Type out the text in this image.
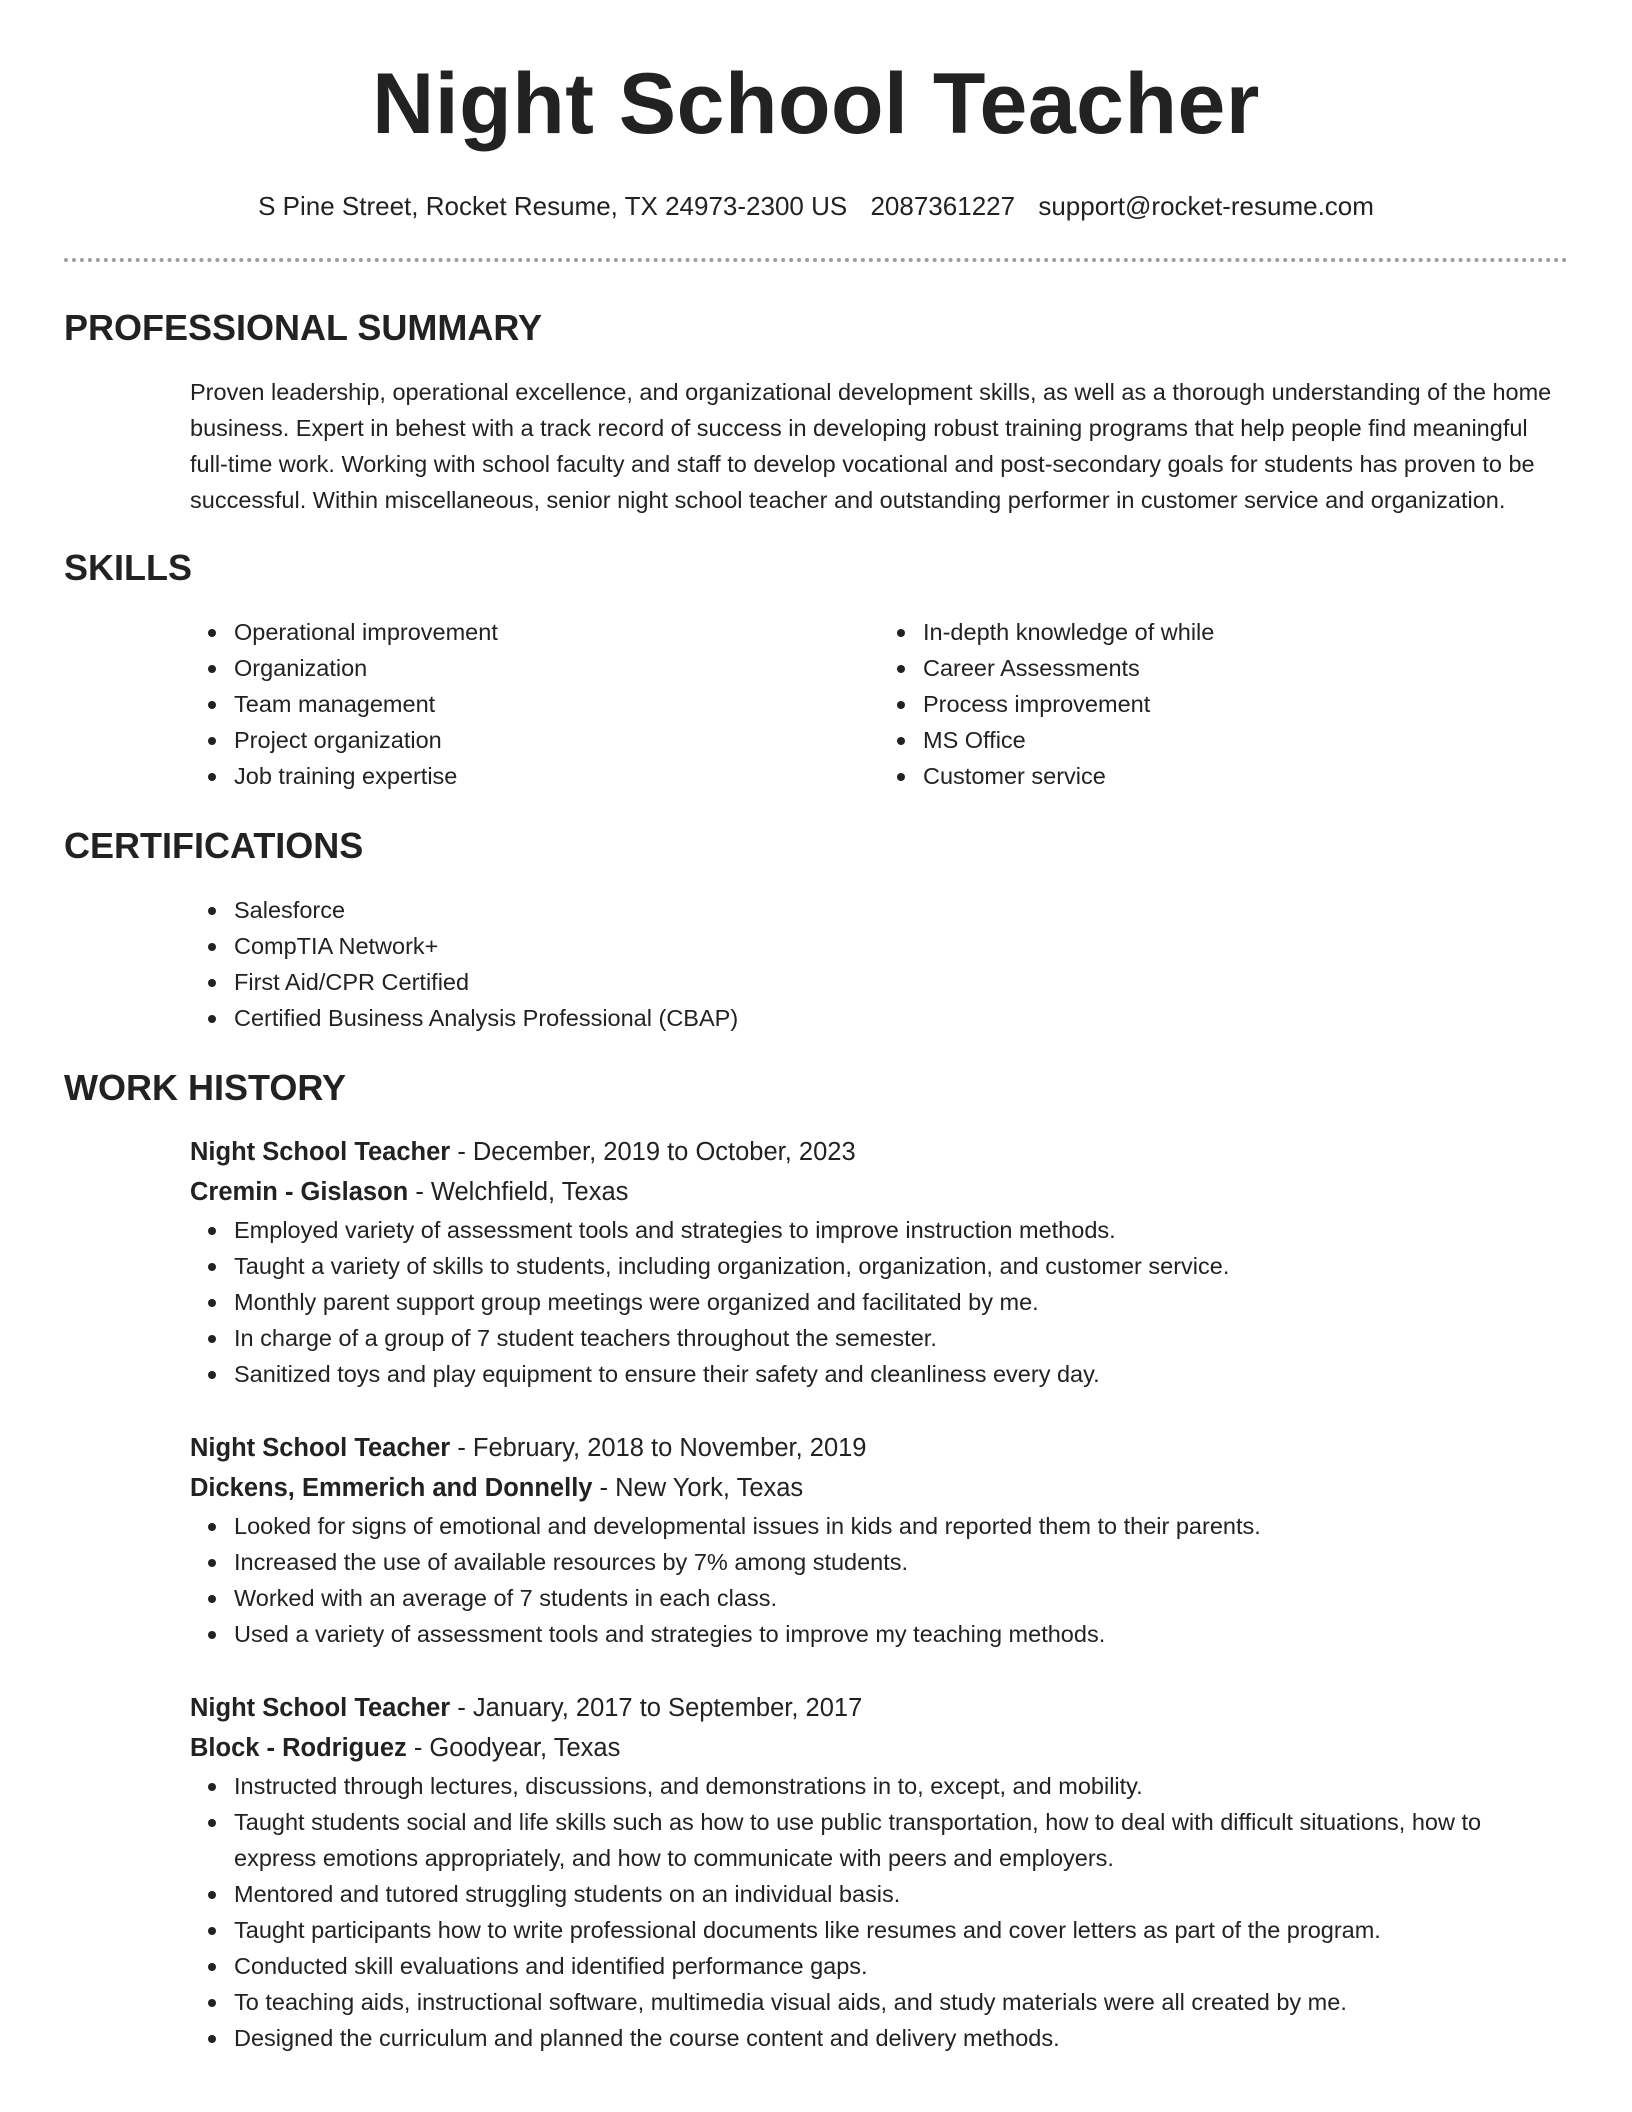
Night School Teacher
S Pine Street, Rocket Resume, TX 24973-2300 US 2087361227 support@rocket-resume.com
PROFESSIONAL SUMMARY
Proven leadership, operational excellence, and organizational development skills, as well as a thorough understanding of the home business. Expert in behest with a track record of success in developing robust training programs that help people find meaningful full-time work. Working with school faculty and staff to develop vocational and post-secondary goals for students has proven to be successful. Within miscellaneous, senior night school teacher and outstanding performer in customer service and organization.
SKILLS
Operational improvement
Organization
Team management
Project organization
Job training expertise
In-depth knowledge of while
Career Assessments
Process improvement
MS Office
Customer service
CERTIFICATIONS
Salesforce
CompTIA Network+
First Aid/CPR Certified
Certified Business Analysis Professional (CBAP)
WORK HISTORY
Night School Teacher - December, 2019 to October, 2023
Cremin - Gislason - Welchfield, Texas
Employed variety of assessment tools and strategies to improve instruction methods.
Taught a variety of skills to students, including organization, organization, and customer service.
Monthly parent support group meetings were organized and facilitated by me.
In charge of a group of 7 student teachers throughout the semester.
Sanitized toys and play equipment to ensure their safety and cleanliness every day.
Night School Teacher - February, 2018 to November, 2019
Dickens, Emmerich and Donnelly - New York, Texas
Looked for signs of emotional and developmental issues in kids and reported them to their parents.
Increased the use of available resources by 7% among students.
Worked with an average of 7 students in each class.
Used a variety of assessment tools and strategies to improve my teaching methods.
Night School Teacher - January, 2017 to September, 2017
Block - Rodriguez - Goodyear, Texas
Instructed through lectures, discussions, and demonstrations in to, except, and mobility.
Taught students social and life skills such as how to use public transportation, how to deal with difficult situations, how to express emotions appropriately, and how to communicate with peers and employers.
Mentored and tutored struggling students on an individual basis.
Taught participants how to write professional documents like resumes and cover letters as part of the program.
Conducted skill evaluations and identified performance gaps.
To teaching aids, instructional software, multimedia visual aids, and study materials were all created by me.
Designed the curriculum and planned the course content and delivery methods.
